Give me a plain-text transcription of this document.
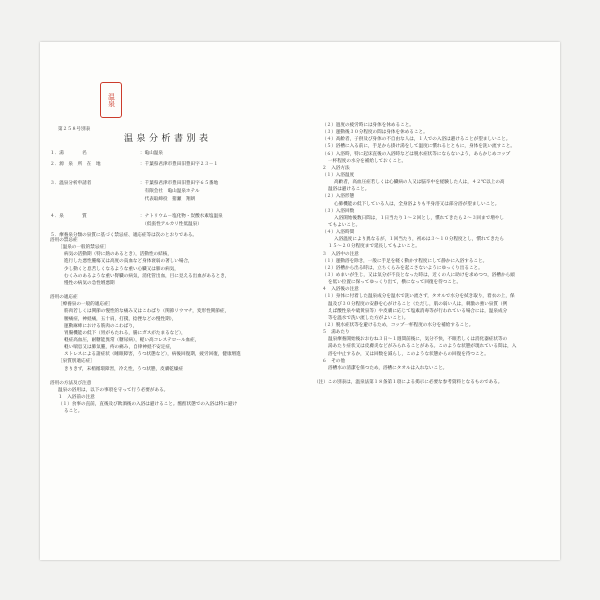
温泉
第２５８号別表
温泉分析書別表
１．湯　　　　名	：亀山温泉
２．源　泉　所　在　地	：千葉県君津市豊田旧豊田字２３－１
３．温泉分析申請者	：千葉県君津市豊田旧豊田字６５番地
　有限会社　亀山温泉ホテル
　代表取締役　猪瀬　翔朗
４．泉　　　　質	：ナトリウム－塩化物・炭酸水素塩温泉
　（低張性アルカリ性低温泉）
５．療養泉分類の泉質に基づく禁忌症、適応症等は次のとおりである。
浴用の禁忌症
［温泉の一般的禁忌症］
病気の活動期（特に熱のあるとき），活動性の結核，
進行した悪性腫瘍又は高度の貧血など身体衰弱の著しい場合，
少し動くと息苦しくなるような重い心臓又は肺の病気，
むくみのあるような重い腎臓の病気，消化管出血，目に見える出血があるとき，
慢性の病気の急性増悪期
浴用の適応症
［療養泉の一般的適応症］
筋肉若しくは関節の慢性的な痛み又はこわばり（関節リウマチ，変形性関節症，
腰痛症，神経痛，五十肩，打撲，捻挫などの慢性期），
運動麻痺における筋肉のこわばり，
胃腸機能の低下（胃がもたれる，腸にガスがたまるなど），
軽症高血圧，耐糖能異常（糖尿病），軽い高コレステロール血症，
軽い喘息又は肺気腫，痔の痛み，自律神経不安定症，
ストレスによる諸症状（睡眠障害，うつ状態など），病後回復期，疲労回復，健康増進
［泉質別適応症］
きりきず，末梢循環障害，冷え性，うつ状態，皮膚乾燥症
浴用の方法及び注意
温泉の浴用は，以下の事項を守って行う必要がある。
１　入浴前の注意
（１）食事の直前，直後及び飲酒後の入浴は避けること。酩酊状態での入浴は特に避け
ること。
（２）過度の疲労時には身体を休めること。
（３）運動後３０分程度の間は身体を休めること。
（４）高齢者，子供及び身体の不自由な人は，１人での入浴は避けることが望ましいこと。
（５）浴槽に入る前に，手足から掛け湯をして温度に慣れるとともに，身体を洗い流すこと。
（６）入浴時，特に起床直後の入浴時などは脱水症状等にならないよう，あらかじめコップ
一杯程度の水分を補給しておくこと。
２　入浴方法
（１）入浴温度
高齢者，高血圧症若しくは心臓病の人又は脳卒中を経験した人は，４２℃以上の高
温浴は避けること。
（２）入浴形態
心肺機能の低下している人は，全身浴よりも半身浴又は部分浴が望ましいこと。
（３）入浴回数
入浴開始後数日間は，１日当たり１～２回とし，慣れてきたら２～３回まで増やし
てもよいこと。
（４）入浴時間
入浴温度により異なるが，１回当たり，初めは３～１０分程度とし，慣れてきたら
１５～２０分程度まで延長してもよいこと。
３　入浴中の注意
（１）運動浴を除き，一般に手足を軽く動かす程度にして静かに入浴すること。
（２）浴槽から出る時は，立ちくらみを起こさないようにゆっくり出ること。
（３）めまいが生じ，又は気分が不良となった時は，近くの人に助けを求めつつ，浴槽から頭
を低い位置に保ってゆっくり出て，横になって回復を待つこと。
４　入浴後の注意
（１）身体に付着した温泉成分を温水で洗い流さず，タオルで水分を拭き取り，着衣の上，保
温及び３０分程度の安静を心がけること（ただし，肌の弱い人は，刺激の強い泉質（例
えば酸性泉や硫黄泉等）や皮膚に応じて塩素消毒等が行われている場合には，温泉成分
等を温水で洗い流した方がよいこと）。
（２）脱水症状等を避けるため，コップ一杯程度の水分を補給すること。
５　湯あたり
温泉療養開始後おおむね３日～１週間前後に，気分不快，不眠若しくは消化器症状等の
湯あたり症状又は皮膚炎などがみられることがある。このような状態が現れている間は，入
浴を中止するか，又は回数を減らし，このような状態からの回復を待つこと。
６　その他
浴槽水の清潔を保つため，浴槽にタオルは入れないこと。
（注）この別表は，温泉法第１８条第１項による掲示に必要な参考資料となるものである。
